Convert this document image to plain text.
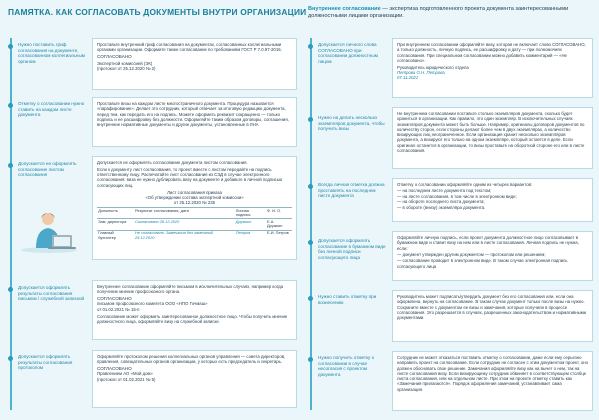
ПАМЯТКА. КАК СОГЛАСОВАТЬ ДОКУМЕНТЫ ВНУТРИ ОРГАНИЗАЦИИ Внутреннее согласование — экспертиза подготовленного проекта документа заинтересованными должностными лицами организации.
Нужно поставить гриф согласования на документе, согласованном коллегиальным органом

Проставьте внутренний гриф согласования на документах, согласованных коллегиальными органами организации. Оформите также согласование по требованиям ГОСТ Р 7.0.97-2016.

СОГЛАСОВАНО

Экспертной комиссией (ЭК)

(протокол от 25.12.2020 № 2)

Отметку о согласовании нужно ставить на каждом листе документа

Проставьте визы на каждом листе многостраничного документа. Процедура называется «парафирование». Делает это сотрудник, который отвечает за итоговую редакцию документа, перед тем, как передать его на подпись. Можете оформить реквизит сокращенно — только подпись и ее расшифровку без должности. Оформляйте таким образом договоры, соглашения, внутренние нормативные документы и другие документы, установленные в ЛНА

Допускается не оформлять согласование листом согласования

Допускается не оформлять согласование документа листом согласования.

Если к документу лист согласования, то проект вместе с листом передайте на подпись ответственному лицу. Распечатайте лист согласования из СЭД в случае электронного согласования: виза не нужно дублировать визу на документе и добавьте в личной подписью согласующих лиц.

Лист согласования приказа

«Об утверждении состава экспертной комиссии»

от 25.12.2020 № 235

Должность	Результат согласования, дата	Личная подпись	Ф. И. О.
Зам. директора	Согласовано 28.12.2020	Дружкин	Е.А. Дружкин
Главный бухгалтер	Не согласовано. Замечания без замечаний 29.12.2020	Петров	Е.И. Петров
Допускается оформлять результаты согласования письмом / служебной запиской

Внутреннее согласование оформляйте письмом в исключительных случаях, например когда получение мнение профсоюзного органа.

СОГЛАСОВАНО

письмом профсоюзного комитета ООО «НПО Точмаш»

от 01.02.2021 № 15-п

Согласование может оформить заинтересованное должностное лицо. Чтобы получить мнение должностного лица, оформляйте визу на служебной записке.

Допускается оформлять результаты согласования протоколом

Оформляйте протоколом решения коллегиальных органов управления — совета директоров, правления, совещательных органов организации, у которых есть председатель и секретарь.

СОГЛАСОВАНО

Правлением АО «Мой дом»

(протокол от 01.02.2021 № 5)

Допускается личного слова СОГЛАСОВАНО при согласовании должностным лицом

При внутреннем согласовании оформляйте визу, которая не включает слово СОГЛАСОВАНО, а только должность, личную подпись, ее расшифровку и дату — при полномочиях согласования. При специальном согласовании можно добавить комментарий — «Не согласовано».

Руководитель юридического отдела

Петрова О.Н. Петрова

07.11.2021

Нужно на делать несколько экземпляров документа, чтобы получить визы

Не внутреннем согласовании поставьте столько экземпляров документа, сколько будет храниться в организации. Как правило, это один экземпляр. В исключительных случаях экземпляров документа может быть больше. Например, оригиналы договоров документов по количеству сторон, если стороны делают более чем в двух экземплярах, а количество визирующих лиц неограниченное. Если организация хранит несколько экземпляров документа, а визируют его только на одном экземпляре, который остается в деле. Если оригинал останется в организации, то визы проставьте на оборотной стороне его или в листе согласования.

Всегда личная отметка должна проставлять на последнем листе документа

Отметку о согласовании оформляйте одним из четырех вариантов:

— на последнем листе документа под текстом;

— на листе согласования, в том числе в электронном виде;

— на обороте последнего листа документа;

— в обороте (внизу) экземпляра документа.

Допускается оформлять согласование в бумажном виде без личной подписи согласующего лица

Оформляйте личную подпись, если проект документа должностное лицо согласовывает в бумажном виде и ставит визу на нем или в листе согласования. Личная подпись не нужна, если:

— документ утвержден другим документом — протоколом или решением;

— согласование проводит в электронном виде. В таком случае электронная подпись согласующего лица

Нужно ставить отметку при вознесению

Руководитель может подписать/утвердить документ без его согласования или, если она оформлена, вернуть на согласование. В таком случае документ только после визы на нужно. Сохраните вместе с документом ее визы и замечания, которые получили в процессе согласования. Это разрешается в случаях, разрешенных законодательством и нормативными документами.

Нужно получить отметку о согласовании в случае несогласия с проектом документа

Сотрудник не может отказаться поставить отметку о согласовании, даже если ему серьезно направить проект на согласование. Если сотрудник не согласен с этим документом проект, оно должен обосновать свое решение. Замечания оформляйте визу как на вычет о нем, так на листе согласования визу. Если визирующему сотрудник обвиняет в соответствующем столбце листа согласования, или на отдельном листе. При этом на проекте отметку ставить как «Замечания прилагаются». Порядок оформления замечаний, устанавливает сама организация.
